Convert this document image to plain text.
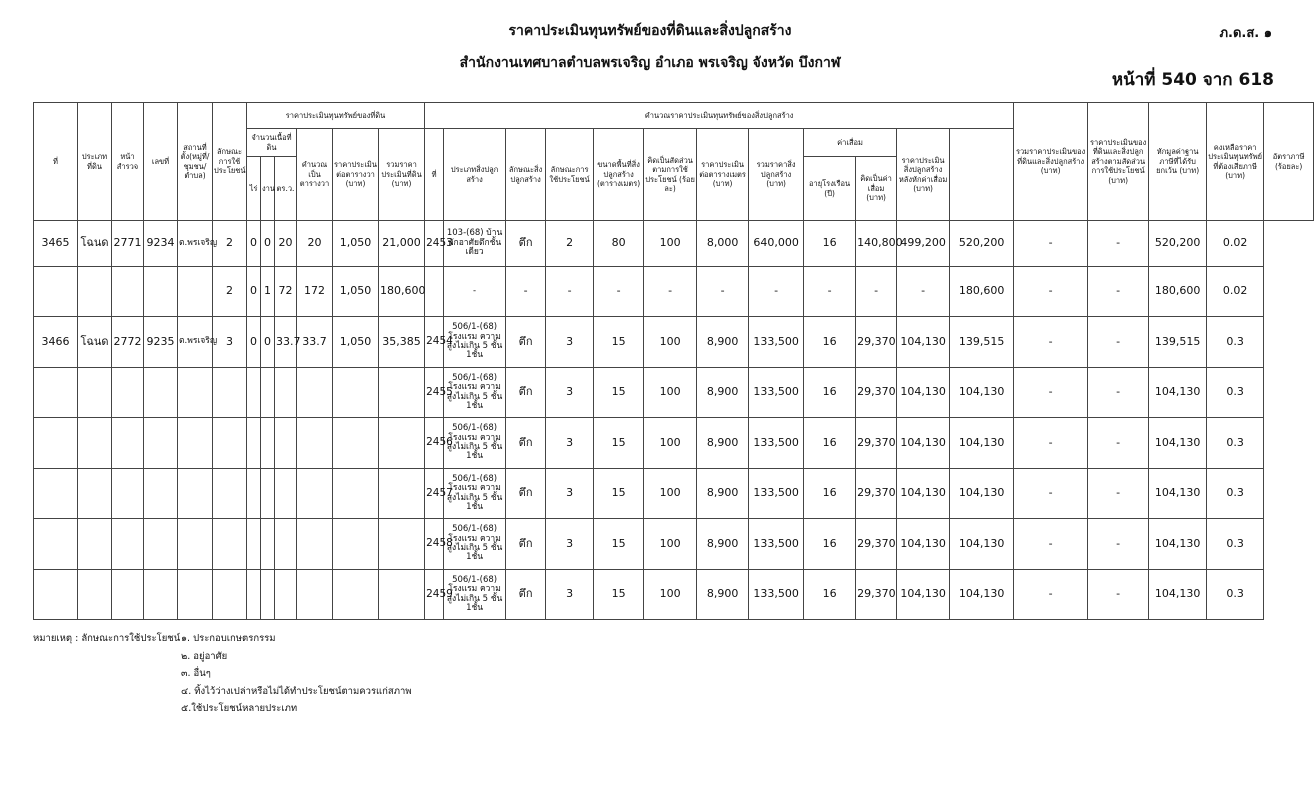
ราคาประเมินทุนทรัพย์ของที่ดินและสิ่งปลูกสร้าง
สำนักงานเทศบาลตำบลพรเจริญ อำเภอ พรเจริญ จังหวัด บึงกาฬ
ภ.ด.ส. ๑
หน้าที่ 540 จาก 618
ที่	ประเภทที่ดิน	หน้าสำรวจ	เลขที่	สถานที่ตั้ง(หมู่ที่/ชุมชน/ตำบล)	ลักษณะการใช้ประโยชน์	ราคาประเมินทุนทรัพย์ของที่ดิน						คำนวณราคาประเมินทุนทรัพย์ของสิ่งปลูกสร้าง												รวมราคาประเมินของที่ดินและสิ่งปลูกสร้าง (บาท)	ราคาประเมินของที่ดินและสิ่งปลูกสร้างตามสัดส่วนการใช้ประโยชน์ (บาท)	หักมูลค่าฐานภาษีที่ได้รับยกเว้น (บาท)	คงเหลือราคาประเมินทุนทรัพย์ที่ต้องเสียภาษี (บาท)	อัตราภาษี (ร้อยละ)
						จำนวนเนื้อที่ดิน			คำนวณเป็นตารางวา	ราคาประเมินต่อตารางวา (บาท)	รวมราคาประเมินที่ดิน (บาท)	ที่	ประเภทสิ่งปลูกสร้าง	ลักษณะสิ่งปลูกสร้าง	ลักษณะการใช้ประโยชน์	ขนาดพื้นที่สิ่งปลูกสร้าง (ตารางเมตร)	คิดเป็นสัดส่วนตามการใช้ประโยชน์ (ร้อยละ)	ราคาประเมินต่อตารางเมตร (บาท)	รวมราคาสิ่งปลูกสร้าง (บาท)	ค่าเสื่อม		ราคาประเมินสิ่งปลูกสร้างหลังหักค่าเสื่อม (บาท)						
						ไร่	งาน	ตร.ว.												อายุโรงเรือน (ปี)	คิดเป็นค่าเสื่อม (บาท)							

3465	โฉนด	2771	9234	ต.พรเจริญ	2	0	0	20	20	1,050	21,000	2453	103-(68) บ้านพักอาศัยตึกชั้นเดียว	ตึก	2	80	100	8,000	640,000	16	140,800	499,200	520,200	-	-	520,200	0.02	
					2	0	1	72	172	1,050	180,600		-	-	-	-	-	-	-	-	-	-	180,600	-	-	180,600	0.02	
3466	โฉนด	2772	9235	ต.พรเจริญ	3	0	0	33.7	33.7	1,050	35,385	2454	506/1-(68) โรงแรม ความสูงไม่เกิน 5 ชั้น 1ชั้น	ตึก	3	15	100	8,900	133,500	16	29,370	104,130	139,515	-	-	139,515	0.3	
												2455	506/1-(68) โรงแรม ความสูงไม่เกิน 5 ชั้น 1ชั้น	ตึก	3	15	100	8,900	133,500	16	29,370	104,130	104,130	-	-	104,130	0.3	
												2456	506/1-(68) โรงแรม ความสูงไม่เกิน 5 ชั้น 1ชั้น	ตึก	3	15	100	8,900	133,500	16	29,370	104,130	104,130	-	-	104,130	0.3	
												2457	506/1-(68) โรงแรม ความสูงไม่เกิน 5 ชั้น 1ชั้น	ตึก	3	15	100	8,900	133,500	16	29,370	104,130	104,130	-	-	104,130	0.3	
												2458	506/1-(68) โรงแรม ความสูงไม่เกิน 5 ชั้น 1ชั้น	ตึก	3	15	100	8,900	133,500	16	29,370	104,130	104,130	-	-	104,130	0.3	
												2459	506/1-(68) โรงแรม ความสูงไม่เกิน 5 ชั้น 1ชั้น	ตึก	3	15	100	8,900	133,500	16	29,370	104,130	104,130	-	-	104,130	0.3	
หมายเหตุ : ลักษณะการใช้ประโยชน์๑. ประกอบเกษตรกรรม
๒. อยู่อาศัย
๓. อื่นๆ
๔. ทิ้งไว้ว่างเปล่าหรือไม่ได้ทำประโยชน์ตามควรแก่สภาพ
๕.ใช้ประโยชน์หลายประเภท
